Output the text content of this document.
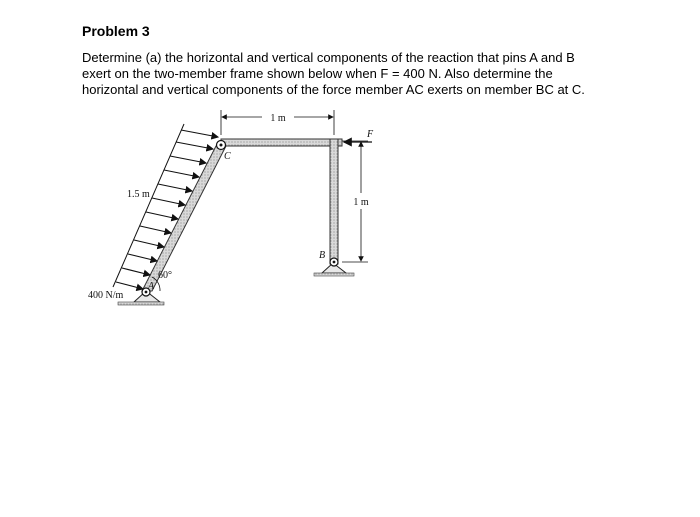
Problem 3

Determine (a) the horizontal and vertical components of the reaction that pins A and B
exert on the two-member frame shown below when F = 400 N. Also determine the
horizontal and vertical components of the force member AC exerts on member BC at C.

1 m
1 m
F
C
B
A
1.5 m
60°
400 N/m
